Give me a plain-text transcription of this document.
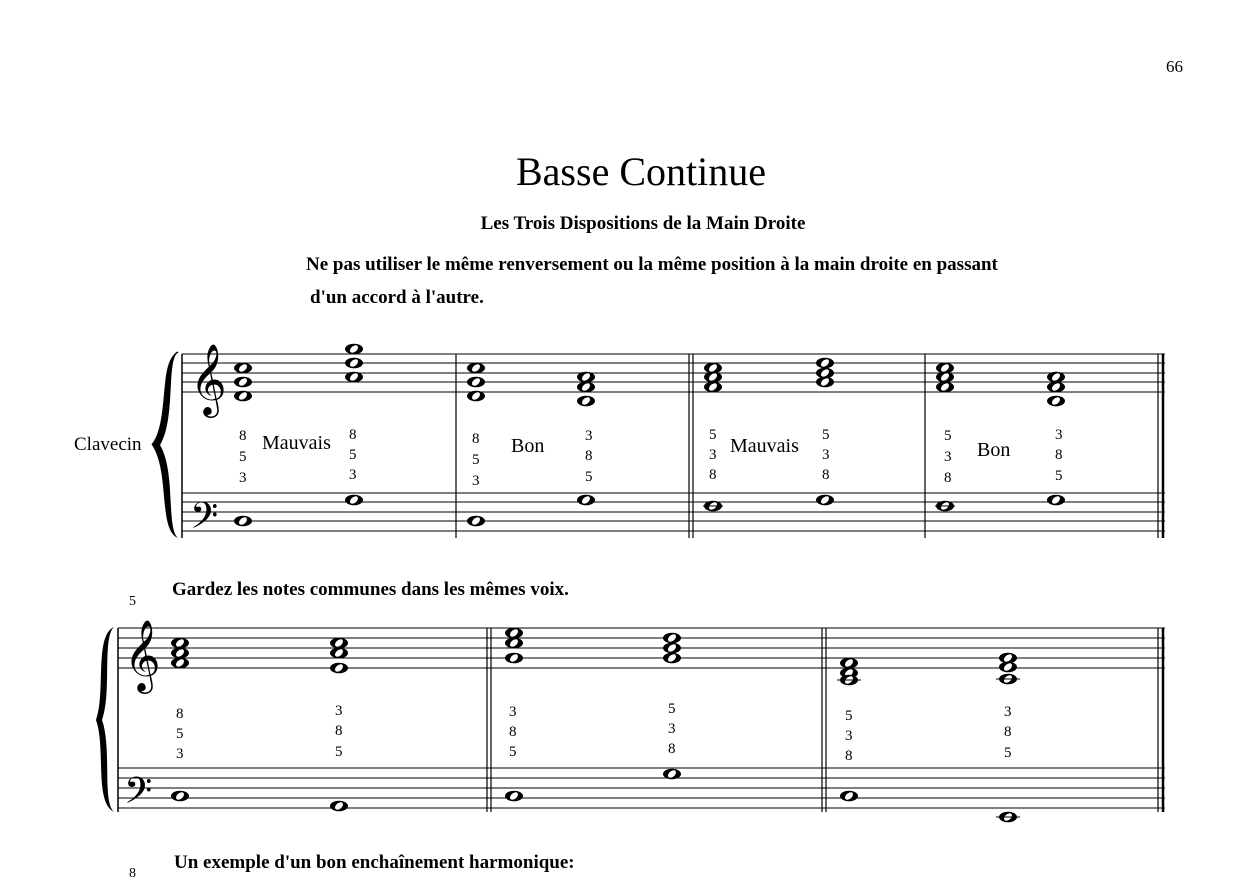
66
Basse Continue
Les Trois Dispositions de la Main Droite
Ne pas utiliser le même renversement ou la même position à la main droite en passant
d'un accord à l'autre.
Clavecin
Gardez les notes communes dans les mêmes voix.
5
Un exemple d'un bon enchaînement harmonique:
8
𝄞
𝄢
8
5
3
8
5
3
8
5
3
3
8
5
5
3
8
5
3
8
5
3
8
3
8
5
Mauvais	Bon	Mauvais	Bon
𝄞
𝄢
8
5
3
3
8
5
3
8
5
5
3
8
5
3
8
3
8
5
